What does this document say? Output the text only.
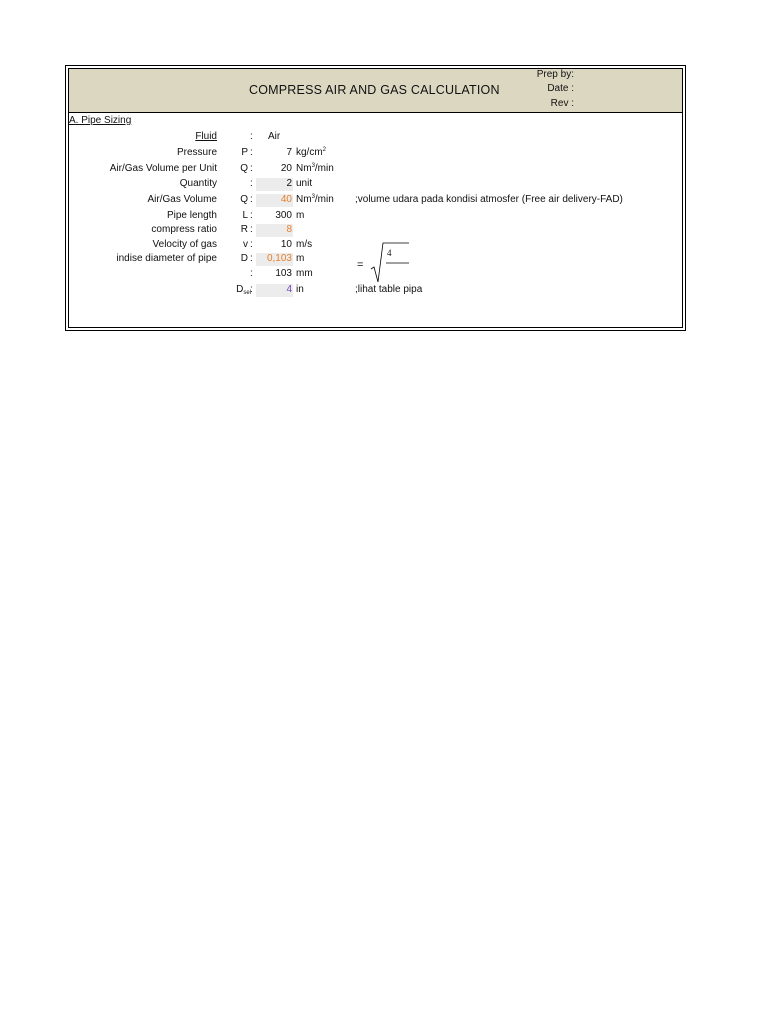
COMPRESS AIR AND GAS CALCULATION
Prep by:
Date :
Rev :
A. Pipe Sizing
Fluid	:	Air
Pressure	P :	7 $kg/cm^2$
Air/Gas Volume per Unit Q :	20 Nm$^3$/min
Quantity	:	2 unit
Air/Gas Volume Q :	40 Nm$^3$/min ;volume udara pada kondisi atmosfer (Free air delivery-FAD)
Pipe length	L :	300 m
compress ratio R :	8
Velocity of gas	v :	10 m/s
indise diameter of pipe D :	0,103 m
:	103 mm
$D_{sel}$ :	4 in	;lihat table pipa
=
4
